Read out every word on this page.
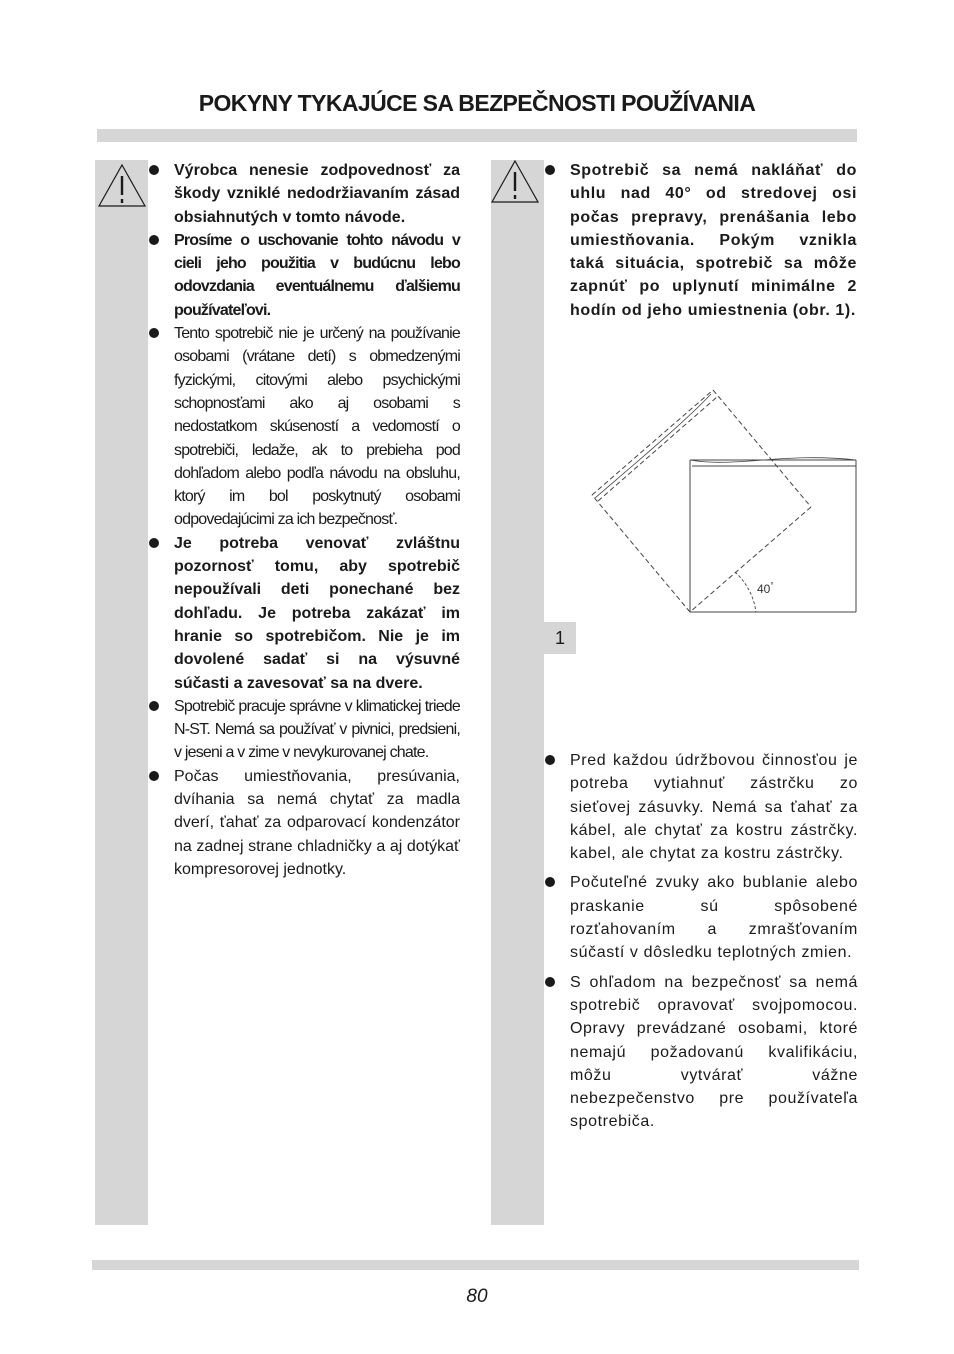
POKYNY TYKAJÚCE SA BEZPEČNOSTI POUŽÍVANIA
Výrobca nenesie zodpovednosť za škody vzniklé nedodržiavaním zásad obsiahnutých v tomto návode.
Prosíme o uschovanie tohto návodu v cieli jeho použitia v budúcnu lebo odovzdania eventuálnemu ďalšiemu používateľovi.
Tento spotrebič nie je určený na používanie osobami (vrátane detí) s obmedzenými fyzickými, citovými alebo psychickými schopnosťami ako aj osobami s nedostatkom skúseností a vedomostí o spotrebiči, ledaže, ak to prebieha pod dohľadom alebo podľa návodu na obsluhu, ktorý im bol poskytnutý osobami odpovedajúcimi za ich bezpečnosť.
Je potreba venovať zvláštnu pozornosť tomu, aby spotrebič nepoužívali deti ponechané bez dohľadu. Je potreba zakázať im hranie so spotrebičom. Nie je im dovolené sadať si na výsuvné súčasti a zavesovať sa na dvere.
Spotrebič pracuje správne v klimatickej triede N-ST. Nemá sa používať v pivnici, predsieni, v jeseni a v zime v nevykurovanej chate.
Počas umiestňovania, presúvania, dvíhania sa nemá chytať za madla dverí, ťahať za odparovací kondenzátor na zadnej strane chladničky a aj dotýkať kompresorovej jednotky.
Spotrebič sa nemá nakláňať do uhlu nad 40° od stredovej osi počas prepravy, prenášania lebo umiestňovania. Pokým vznikla taká situácia, spotrebič sa môže zapnúť po uplynutí minimálne 2 hodín od jeho umiestnenia (obr. 1).
40°
1
Pred každou údržbovou činnosťou je potreba vytiahnuť zástrčku zo sieťovej zásuvky. Nemá sa ťahať za kábel, ale chytať za kostru zástrčky. kabel, ale chytat za kostru zástrčky.
Počuteľné zvuky ako bublanie alebo praskanie sú spôsobené rozťahovaním a zmrašťovaním súčastí v dôsledku teplotných zmien.
S ohľadom na bezpečnosť sa nemá spotrebič opravovať svojpomocou. Opravy prevádzané osobami, ktoré nemajú požadovanú kvalifikáciu, môžu vytvárať vážne nebezpečenstvo pre používateľa spotrebiča.
80
